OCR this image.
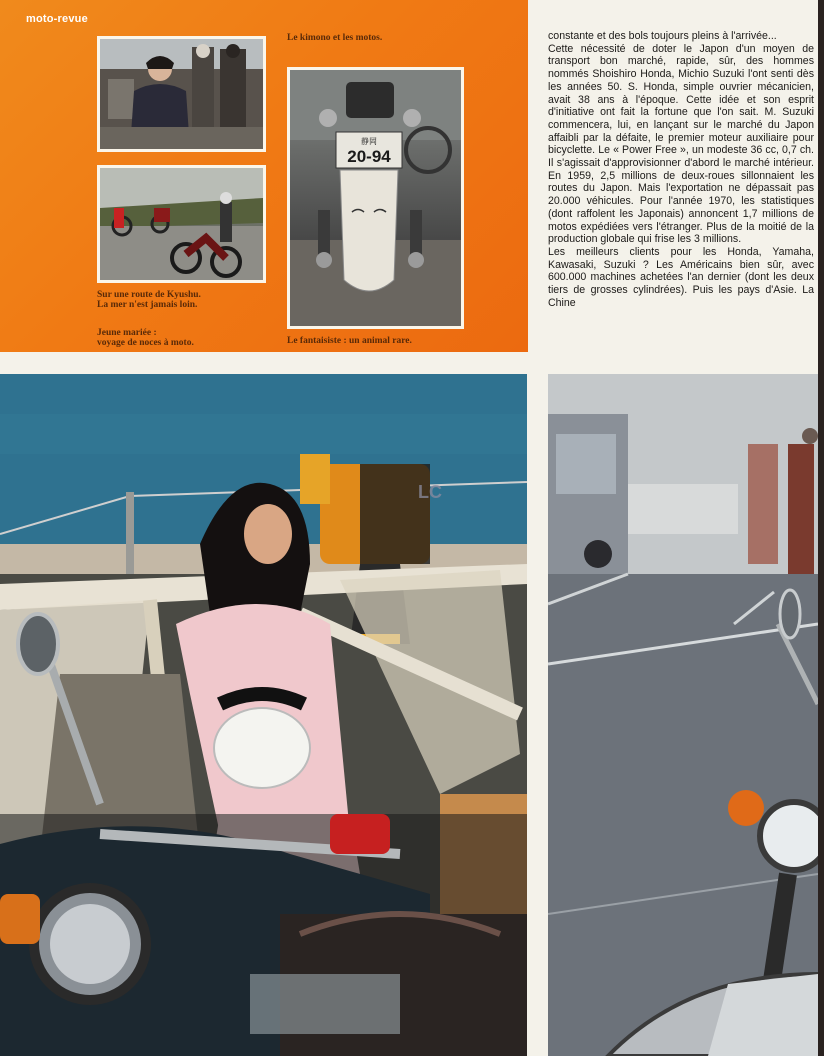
moto-revue
Le kimono et les motos.
静岡
20-94
Sur une route de Kyushu.
La mer n'est jamais loin.
Jeune mariée :
voyage de noces à moto.	Le fantaisiste : un animal rare.

constante et des bols toujours pleins à l'arrivée...

Cette nécessité de doter le Japon d'un moyen de transport bon marché, rapide, sûr, des hommes nommés Shoishiro Honda, Michio Suzuki l'ont senti dès les années 50. S. Honda, simple ouvrier mécanicien, avait 38 ans à l'époque. Cette idée et son esprit d'initiative ont fait la fortune que l'on sait. M. Suzuki commencera, lui, en lançant sur le marché du Japon affaibli par la défaite, le premier moteur auxiliaire pour bicyclette. Le « Power Free », un modeste 36 cc, 0,7 ch. Il s'agissait d'approvisionner d'abord le marché intérieur. En 1959, 2,5 millions de deux-roues sillonnaient les routes du Japon. Mais l'exportation ne dépassait pas 20.000 véhicules. Pour l'année 1970, les statistiques (dont raffolent les Japonais) annoncent 1,7 millions de motos expédiées vers l'étranger. Plus de la moitié de la production globale qui frise les 3 millions.

Les meilleurs clients pour les Honda, Yamaha, Kawasaki, Suzuki ? Les Américains bien sûr, avec 600.000 machines achetées l'an dernier (dont les deux tiers de grosses cylindrées). Puis les pays d'Asie. La Chine

LC
